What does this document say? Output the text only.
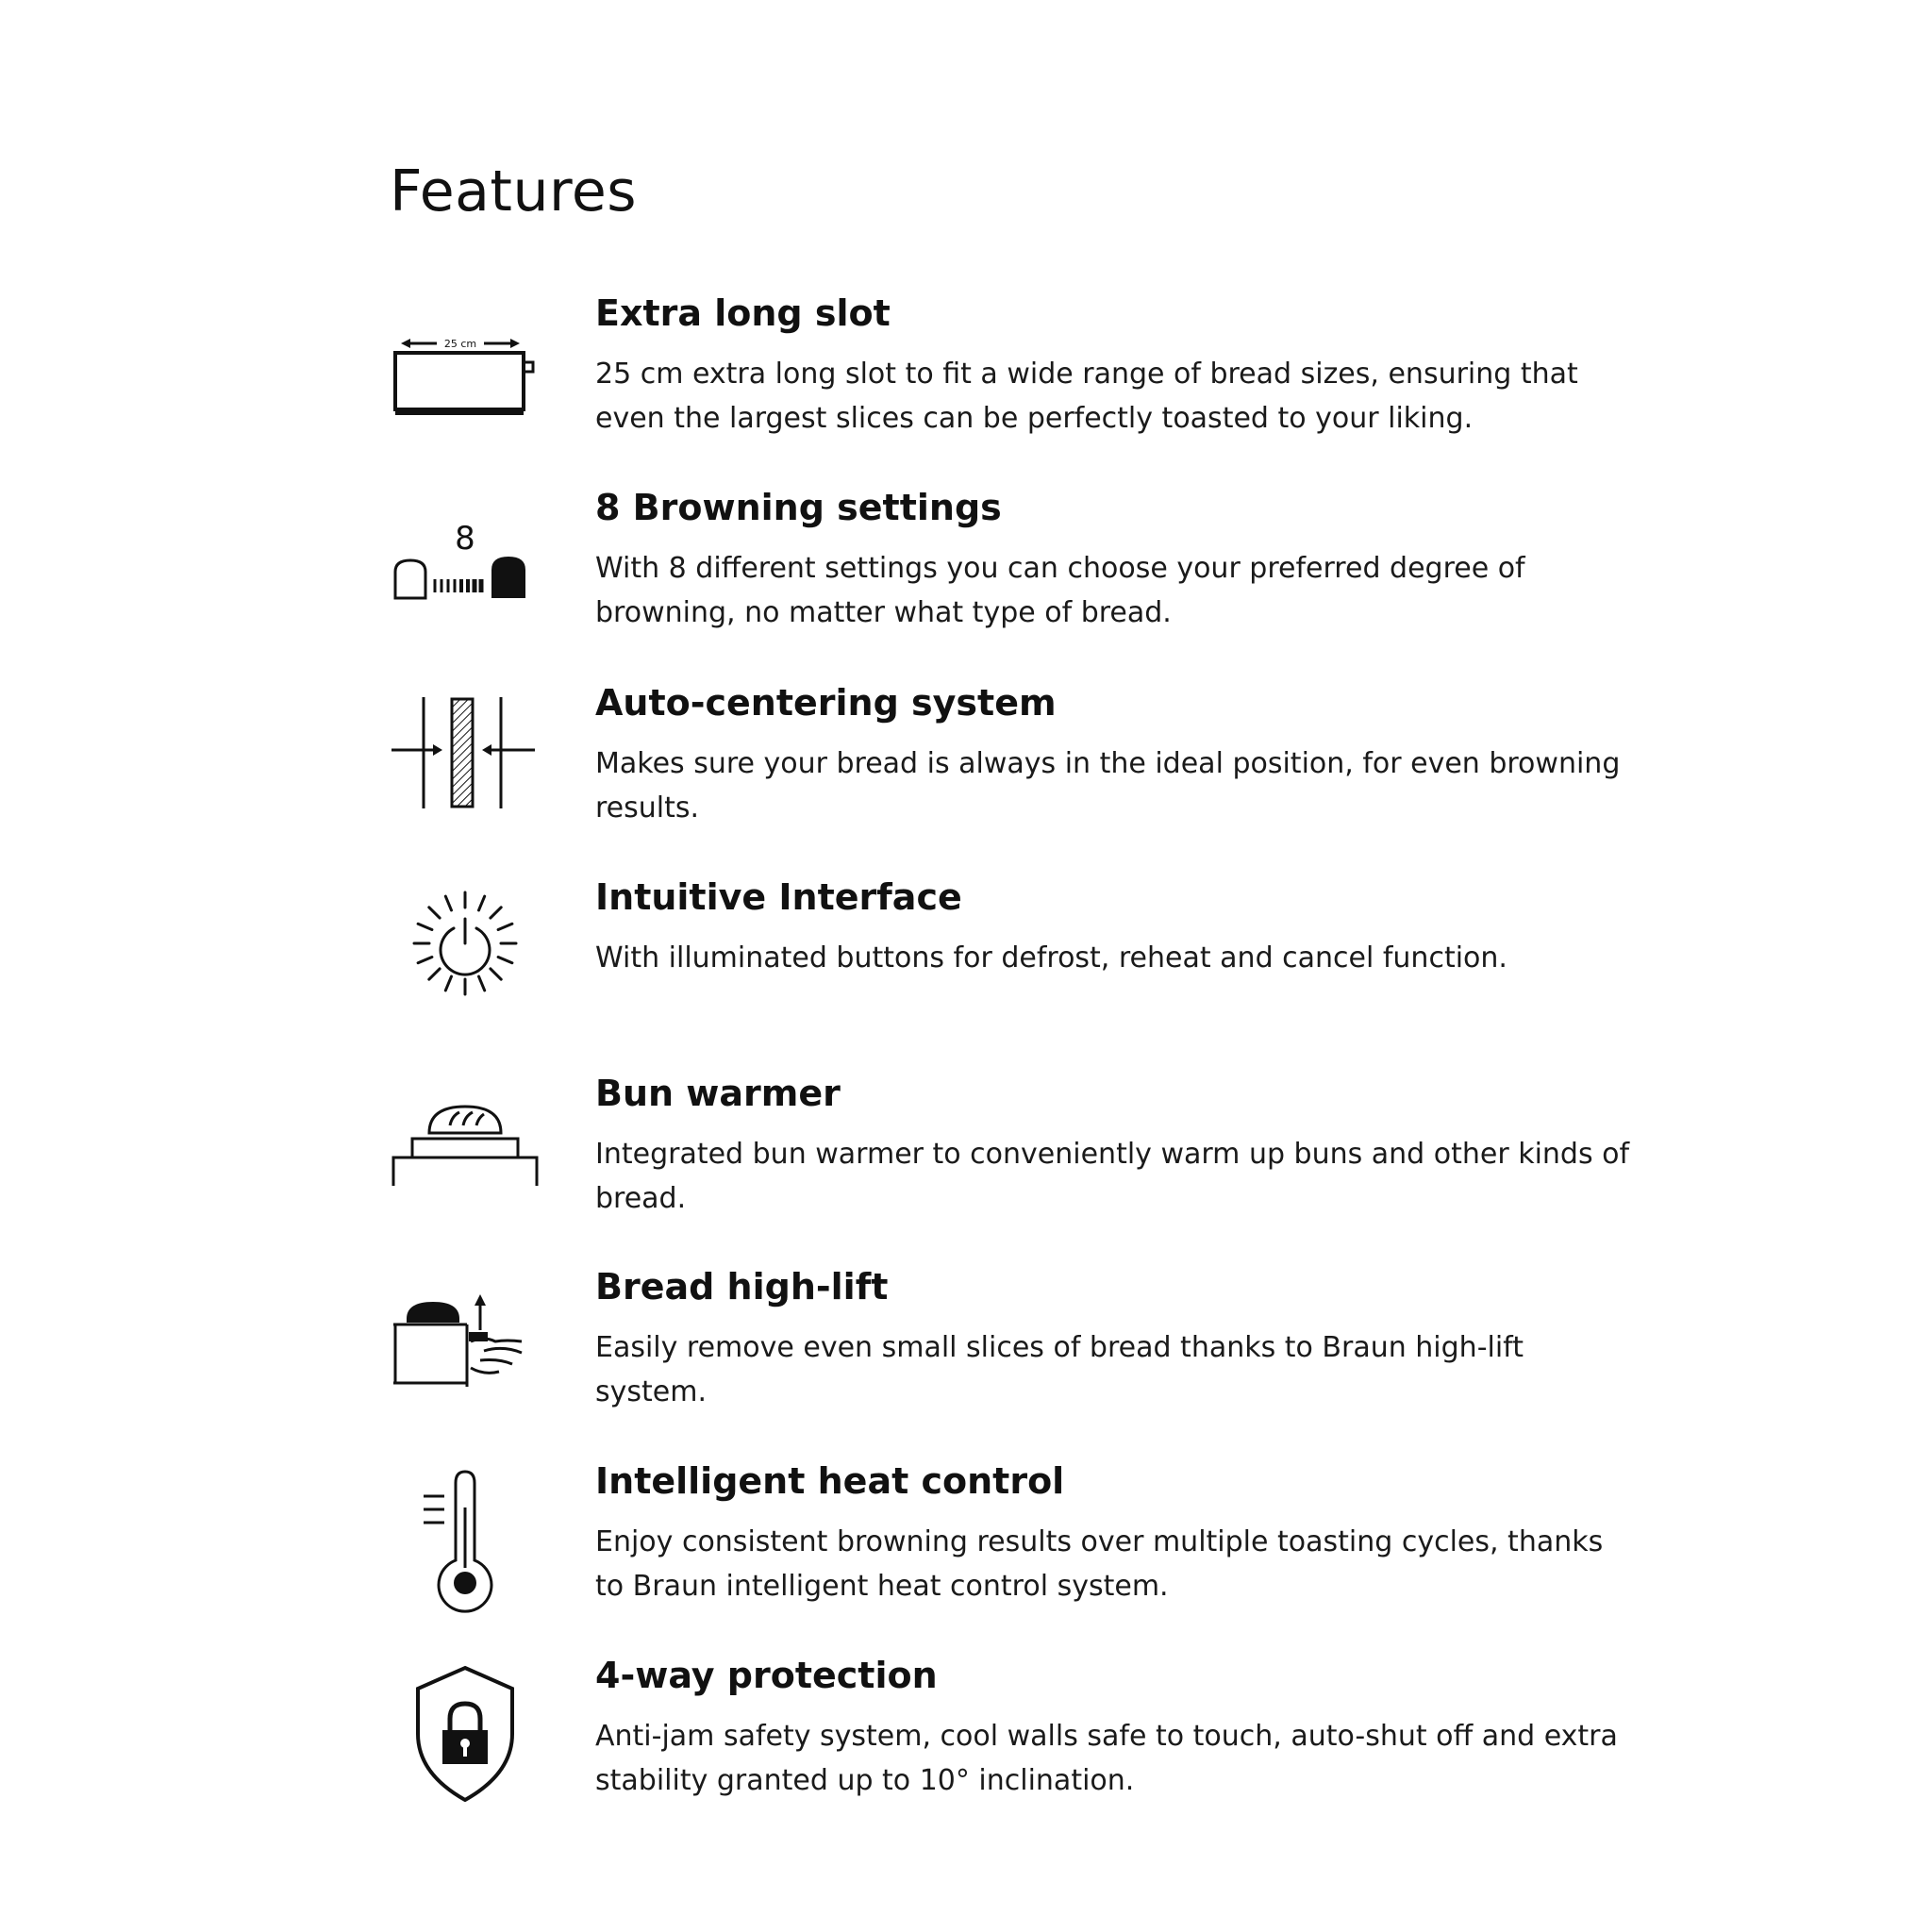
Features
25 cm
Extra long slot

25 cm extra long slot to fit a wide range of bread sizes, ensuring that even the largest slices can be perfectly toasted to your liking.

8
8 Browning settings

With 8 different settings you can choose your preferred degree of browning, no matter what type of bread.

Auto-centering system

Makes sure your bread is always in the ideal position, for even browning results.

Intuitive Interface

With illuminated buttons for defrost, reheat and cancel function.

Bun warmer

Integrated bun warmer to conveniently warm up buns and other kinds of bread.

Bread high-lift

Easily remove even small slices of bread thanks to Braun high-lift system.

Intelligent heat control

Enjoy consistent browning results over multiple toasting cycles, thanks to Braun intelligent heat control system.

4-way protection

Anti-jam safety system, cool walls safe to touch, auto-shut off and extra stability granted up to 10° inclination.
